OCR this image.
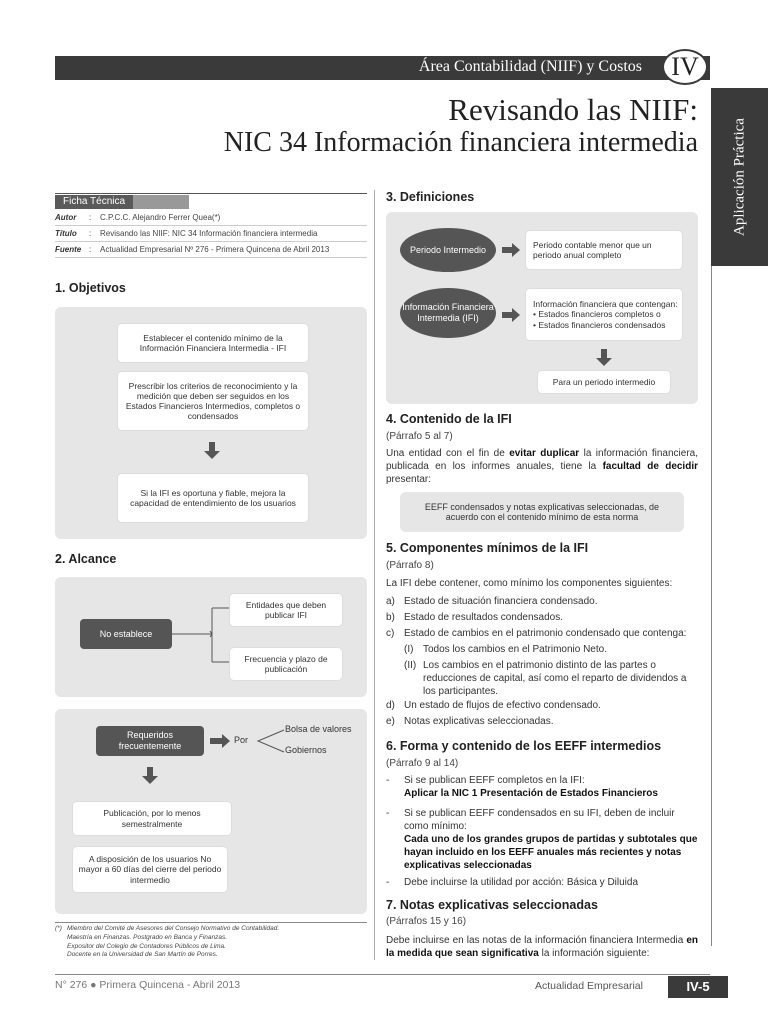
Área Contabilidad (NIIF) y Costos	IV
Aplicación Práctica
Revisando las NIIF:
NIC 34 Información financiera intermedia
Ficha Técnica
Autor : C.P.C.C. Alejandro Ferrer Quea(*)
Título : Revisando las NIIF: NIC 34 Información financiera intermedia
Fuente : Actualidad Empresarial Nº 276 - Primera Quincena de Abril 2013
1. Objetivos
Establecer el contenido mínimo de la Información Financiera Intermedia - IFI
Prescribir los criterios de reconocimiento y la medición que deben ser seguidos en los Estados Financieros Intermedios, completos o condensados
Si la IFI es oportuna y fiable, mejora la capacidad de entendimiento de los usuarios
2. Alcance
No establece
Entidades que deben publicar IFI
Frecuencia y plazo de publicación
Requeridos frecuentemente
Por
Bolsa de valores
Gobiernos
Publicación, por lo menos semestralmente
A disposición de los usuarios No mayor a 60 días del cierre del periodo intermedio
(*) Miembro del Comité de Asesores del Consejo Normativo de Contabilidad.
Maestría en Finanzas. Postgrado en Banca y Finanzas.
Expositor del Colegio de Contadores Públicos de Lima.
Docente en la Universidad de San Martín de Porres.
3. Definiciones
Periodo Intermedio	Periodo contable menor que un periodo anual completo
Información Financiera Intermedia (IFI)
Información financiera que contengan:
• Estados financieros completos o
• Estados financieros condensados
Para un periodo intermedio
4. Contenido de la IFI
(Párrafo 5 al 7)
Una entidad con el fin de evitar duplicar la información financiera, publicada en los informes anuales, tiene la facultad de decidir presentar:
EEFF condensados y notas explicativas seleccionadas, de acuerdo con el contenido mínimo de esta norma
5. Componentes mínimos de la IFI
(Párrafo 8)
La IFI debe contener, como mínimo los componentes siguientes:
a) Estado de situación financiera condensado.
b) Estado de resultados condensados.
c) Estado de cambios en el patrimonio condensado que contenga:
(I) Todos los cambios en el Patrimonio Neto.
(II) Los cambios en el patrimonio distinto de las partes o reducciones de capital, así como el reparto de dividendos a los participantes.
d) Un estado de flujos de efectivo condensado.
e) Notas explicativas seleccionadas.
6. Forma y contenido de los EEFF intermedios
(Párrafo 9 al 14)
-	Si se publican EEFF completos en la IFI:
Aplicar la NIC 1 Presentación de Estados Financieros
-	Si se publican EEFF condensados en su IFI, deben de incluir como mínimo:
Cada uno de los grandes grupos de partidas y subtotales que hayan incluido en los EEFF anuales más recientes y notas explicativas seleccionadas
-	Debe incluirse la utilidad por acción: Básica y Diluida
7. Notas explicativas seleccionadas
(Párrafos 15 y 16)
Debe incluirse en las notas de la información financiera Intermedia en la medida que sean significativa la información siguiente:
N° 276 ● Primera Quincena - Abril 2013	Actualidad Empresarial	IV-5
